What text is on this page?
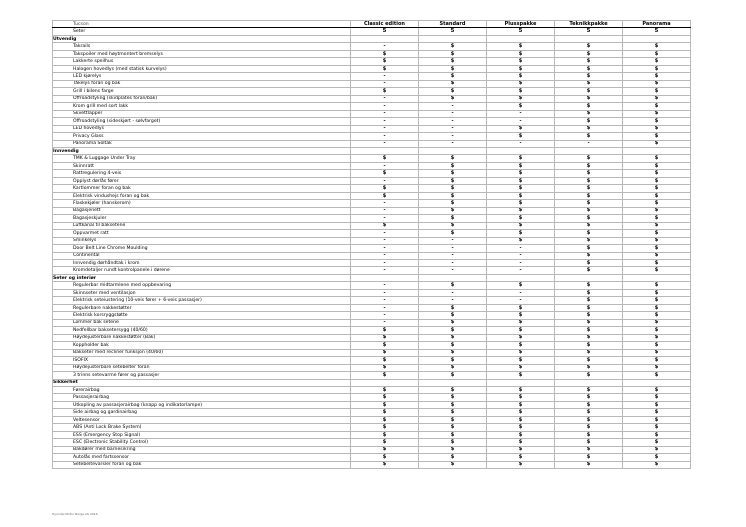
Tucson	Classic edition	Standard	Plusspakke	Teknikkpakke	Panorama
Seter	5	5	5	5	5
Utvendig					
Takrails	-	$	$	$	$
Takspoiler med høytmontert bremselys	$	$	$	$	$
Lakkerte speilhus	$	$	$	$	$
Halogen hovedlys (med statisk kurvelys)	$	$	$	$	$
LED kjørelys	-	$	$	$	$
Tåkelys foran og bak	-	$	$	$	$
Grill i bilens farge	$	$	$	$	$
Offroadstyling (skidplates foran/bak)	-	$	$	$	$
Krom grill med sort lakk	-	-	$	$	$
Skvettlapper	-	-	-	$	$
Offroadstyling (sideskjørt - sølvfarget)	-	-	-	$	$
LED hovedlys	-	-	$	$	$
Privacy Glass	-	-	$	$	$
Panorama Soltak	-	-	-	-	$
Innvendig					
TMK & Luggage Under Tray	$	$	$	$	$
Skinnratt	-	$	$	$	$
Rattregulering 4-veis	$	$	$	$	$
Opplyst dørlås fører	-	$	$	$	$
Kartlommer foran og bak	$	$	$	$	$
Elektrisk vindushejs foran og bak	$	$	$	$	$
Flaskekjøler (hanskerom)	-	$	$	$	$
Bagasjenett	-	$	$	$	$
Bagasjeskjuler	-	$	$	$	$
Luftkanal til baksetene	$	$	$	$	$
Oppvarmet ratt	-	$	$	$	$
Sminkelys	-	-	$	$	$
Door Belt Line Chrome Moulding	-	-	-	$	$
Continental	-	-	-	$	$
Innvendig dørhåndtak i krom	-	-	-	$	$
Kromdetaljer rundt kontrolpanele i dørene	-	-	-	$	$
Seter og interiør					
Regulerbar midtarmlene med oppbevaring	-	$	$	$	$
Skinnseter med ventilasjon	-	-	-	$	$
Elektrisk seteiustering (10-veis fører + 6-veis passasjer)	-	-	-	$	$
Regulerbare nakkestøtter	-	$	$	$	$
Elektrisk korsryggstøtte	-	$	$	$	$
Lommer bak setene	-	$	$	$	$
Nedfellbar baksetersygg (40/60)	$	$	$	$	$
Høydejusterbare nakkestøtter (Bak)	$	$	$	$	$
Koppholder bak	$	$	$	$	$
Bakseter med recliner funksjon (40/60)	$	$	$	$	$
ISOFIX	$	$	$	$	$
Høydejusterbare setebelter foran	$	$	$	$	$
3 trinns setevarme fører og passasjer	$	$	$	$	$
Sikkerhet					
Førerairbag	$	$	$	$	$
Passasjerairbag	$	$	$	$	$
Utkopling av passasjerairbag (knapp og indikatorlampe)	$	$	$	$	$
Side airbag og gardinairbag	$	$	$	$	$
Veltesensor	$	$	$	$	$
ABS (Anti Lock Brake System)	$	$	$	$	$
ESS (Emergency Stop Signal)	$	$	$	$	$
ESC (Electronic Stability Control)	$	$	$	$	$
Bakdører med barnesikring	$	$	$	$	$
Autolås med fartssensor	$	$	$	$	$
Setebeltevarsler foran og bak	$	$	$	$	$
Hyundai Motor Norge AS 2016
